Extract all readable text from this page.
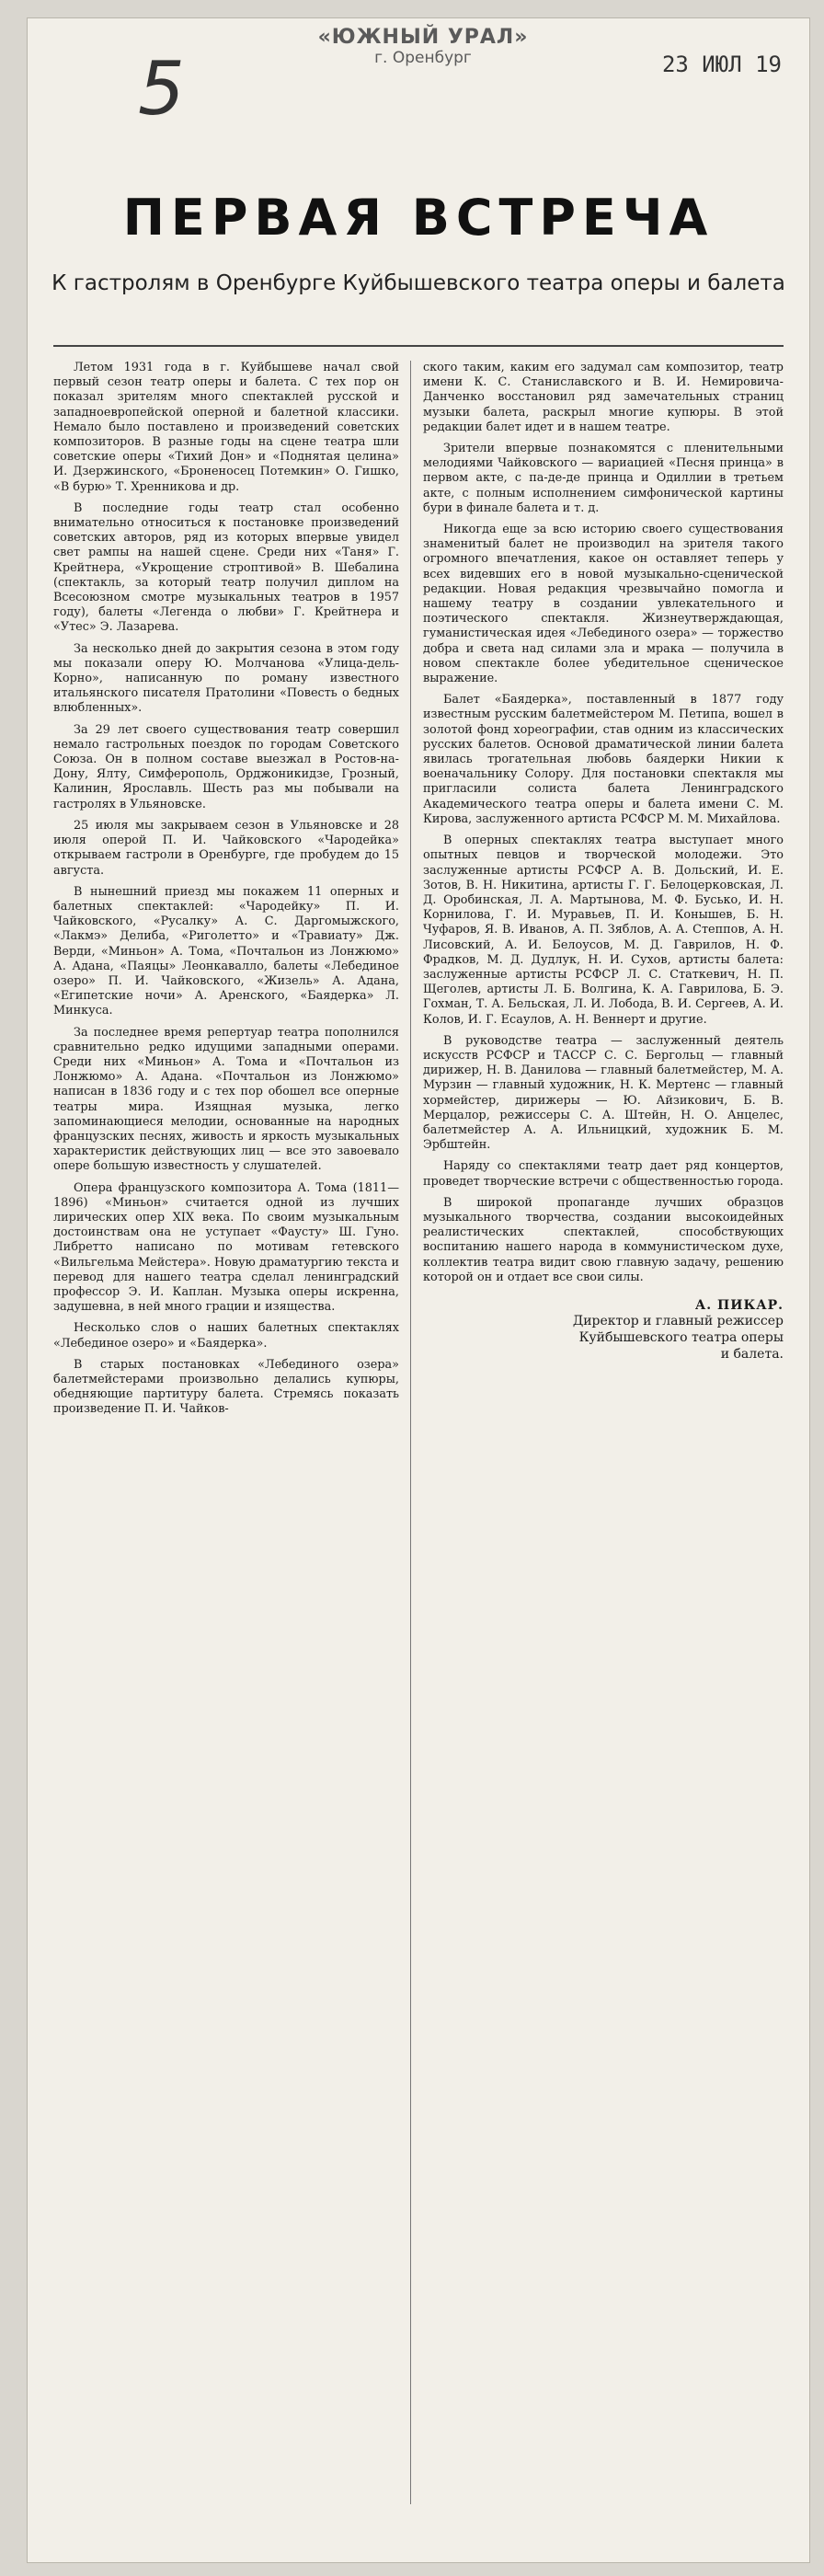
5
«ЮЖНЫЙ УРАЛ»
г. Оренбург	23 ИЮЛ 19
ПЕРВАЯ ВСТРЕЧА
К гастролям в Оренбурге Куйбышевского театра оперы и балета

Летом 1931 года в г. Куйбышеве начал свой первый сезон театр оперы и балета. С тех пор он показал зрителям много спектаклей русской и западноевропейской оперной и балетной классики. Немало было поставлено и произведений советских композиторов. В разные годы на сцене театра шли советские оперы «Тихий Дон» и «Поднятая целина» И. Дзержинского, «Броненосец Потемкин» О. Гишко, «В бурю» Т. Хренникова и др.

В последние годы театр стал особенно внимательно относиться к постановке произведений советских авторов, ряд из которых впервые увидел свет рампы на нашей сцене. Среди них «Таня» Г. Крейтнера, «Укрощение строптивой» В. Шебалина (спектакль, за который театр получил диплом на Всесоюзном смотре музыкальных театров в 1957 году), балеты «Легенда о любви» Г. Крейтнера и «Утес» Э. Лазарева.

За несколько дней до закрытия сезона в этом году мы показали оперу Ю. Молчанова «Улица-дель-Корно», написанную по роману известного итальянского писателя Пратолини «Повесть о бедных влюбленных».

За 29 лет своего существования театр совершил немало гастрольных поездок по городам Советского Союза. Он в полном составе выезжал в Ростов-на-Дону, Ялту, Симферополь, Орджоникидзе, Грозный, Калинин, Ярославль. Шесть раз мы побывали на гастролях в Ульяновске.

25 июля мы закрываем сезон в Ульяновске и 28 июля оперой П. И. Чайковского «Чародейка» открываем гастроли в Оренбурге, где пробудем до 15 августа.

В нынешний приезд мы покажем 11 оперных и балетных спектаклей: «Чародейку» П. И. Чайковского, «Русалку» А. С. Даргомыжского, «Лакмэ» Делиба, «Риголетто» и «Травиату» Дж. Верди, «Миньон» А. Тома, «Почтальон из Лонжюмо» А. Адана, «Паяцы» Леонкавалло, балеты «Лебединое озеро» П. И. Чайковского, «Жизель» А. Адана, «Египетские ночи» А. Аренского, «Баядерка» Л. Минкуса.

За последнее время репертуар театра пополнился сравнительно редко идущими западными операми. Среди них «Миньон» А. Тома и «Почтальон из Лонжюмо» А. Адана. «Почтальон из Лонжюмо» написан в 1836 году и с тех пор обошел все оперные театры мира. Изящная музыка, легко запоминающиеся мелодии, основанные на народных французских песнях, живость и яркость музыкальных характеристик действующих лиц — все это завоевало опере большую известность у слушателей.

Опера французского композитора А. Тома (1811—1896) «Миньон» считается одной из лучших лирических опер XIX века. По своим музыкальным достоинствам она не уступает «Фаусту» Ш. Гуно. Либретто написано по мотивам гетевского «Вильгельма Мейстера». Новую драматургию текста и перевод для нашего театра сделал ленинградский профессор Э. И. Каплан. Музыка оперы искренна, задушевна, в ней много грации и изящества.

Несколько слов о наших балетных спектаклях «Лебединое озеро» и «Баядерка».

В старых постановках «Лебединого озера» балетмейстерами произвольно делались купюры, обедняющие партитуру балета. Стремясь показать произведение П. И. Чайков-

ского таким, каким его задумал сам композитор, театр имени К. С. Станиславского и В. И. Немировича-Данченко восстановил ряд замечательных страниц музыки балета, раскрыл многие купюры. В этой редакции балет идет и в нашем театре.

Зрители впервые познакомятся с пленительными мелодиями Чайковского — вариацией «Песня принца» в первом акте, с па-де-де принца и Одиллии в третьем акте, с полным исполнением симфонической картины бури в финале балета и т. д.

Никогда еще за всю историю своего существования знаменитый балет не производил на зрителя такого огромного впечатления, какое он оставляет теперь у всех видевших его в новой музыкально-сценической редакции. Новая редакция чрезвычайно помогла и нашему театру в создании увлекательного и поэтического спектакля. Жизнеутверждающая, гуманистическая идея «Лебединого озера» — торжество добра и света над силами зла и мрака — получила в новом спектакле более убедительное сценическое выражение.

Балет «Баядерка», поставленный в 1877 году известным русским балетмейстером М. Петипа, вошел в золотой фонд хореографии, став одним из классических русских балетов. Основой драматической линии балета явилась трогательная любовь баядерки Никии к военачальнику Солору. Для постановки спектакля мы пригласили солиста балета Ленинградского Академического театра оперы и балета имени С. М. Кирова, заслуженного артиста РСФСР М. М. Михайлова.

В оперных спектаклях театра выступает много опытных певцов и творческой молодежи. Это заслуженные артисты РСФСР А. В. Дольский, И. Е. Зотов, В. Н. Никитина, артисты Г. Г. Белоцерковская, Л. Д. Оробинская, Л. А. Мартынова, М. Ф. Бусько, И. Н. Корнилова, Г. И. Муравьев, П. И. Конышев, Б. Н. Чуфаров, Я. В. Иванов, А. П. Зяблов, А. А. Степпов, А. Н. Лисовский, А. И. Белоусов, М. Д. Гаврилов, Н. Ф. Фрадков, М. Д. Дудлук, Н. И. Сухов, артисты балета: заслуженные артисты РСФСР Л. С. Статкевич, Н. П. Щеголев, артисты Л. Б. Волгина, К. А. Гаврилова, Б. Э. Гохман, Т. А. Бельская, Л. И. Лобода, В. И. Сергеев, А. И. Колов, И. Г. Есаулов, А. Н. Веннерт и другие.

В руководстве театра — заслуженный деятель искусств РСФСР и ТАССР С. С. Бергольц — главный дирижер, Н. В. Данилова — главный балетмейстер, М. А. Мурзин — главный художник, Н. К. Мертенс — главный хормейстер, дирижеры — Ю. Айзикович, Б. В. Мерцалор, режиссеры С. А. Штейн, Н. О. Анцелес, балетмейстер А. А. Ильницкий, художник Б. М. Эрбштейн.

Наряду со спектаклями театр дает ряд концертов, проведет творческие встречи с общественностью города.

В широкой пропаганде лучших образцов музыкального творчества, создании высокоидейных реалистических спектаклей, способствующих воспитанию нашего народа в коммунистическом духе, коллектив театра видит свою главную задачу, решению которой он и отдает все свои силы.

А. ПИКАР.
Директор и главный режиссер
Куйбышевского театра оперы
и балета.
